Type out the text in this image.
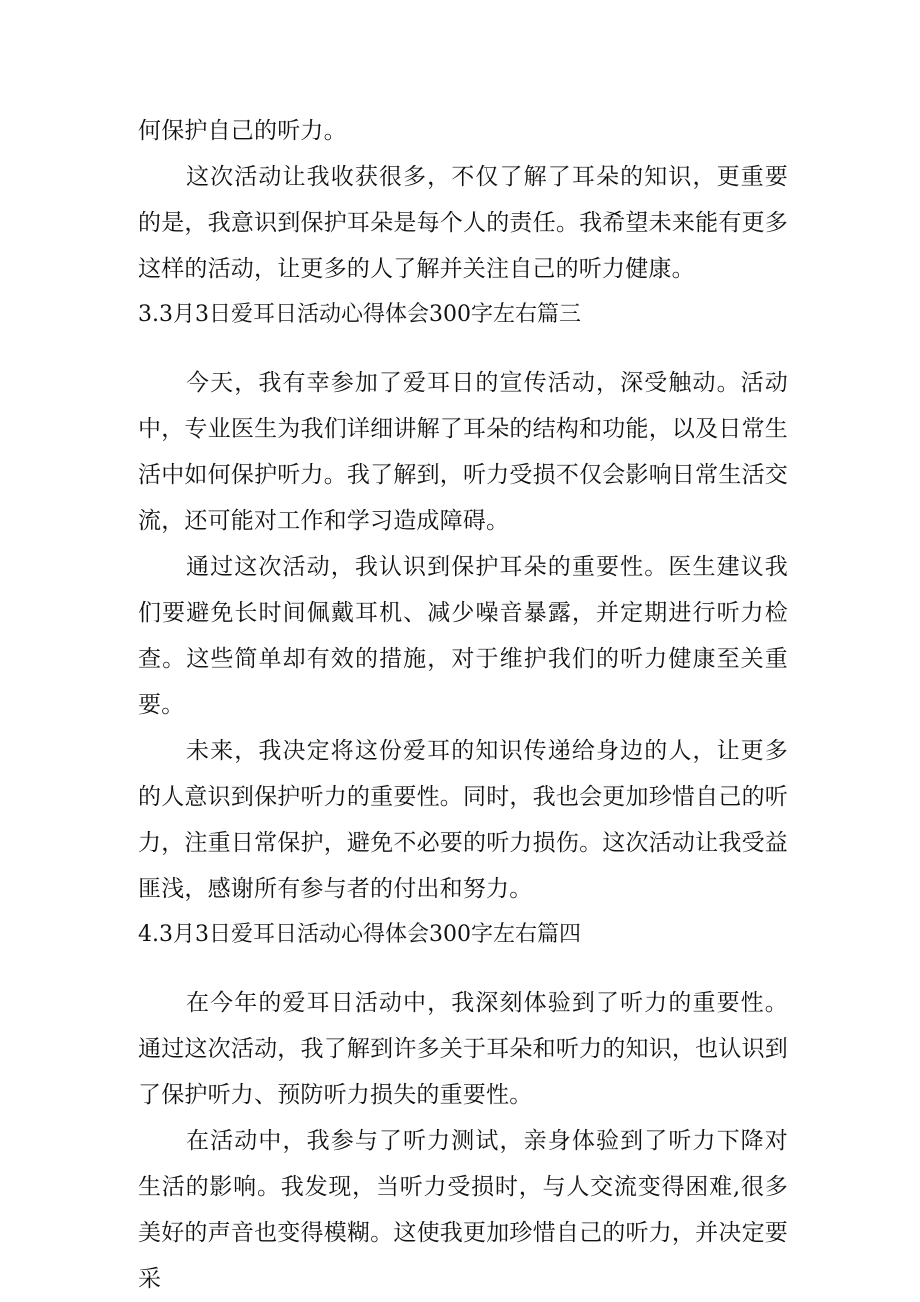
何保护自己的听力。

这次活动让我收获很多，不仅了解了耳朵的知识，更重要的是，我意识到保护耳朵是每个人的责任。我希望未来能有更多这样的活动，让更多的人了解并关注自己的听力健康。

3.3月3日爱耳日活动心得体会300字左右篇三

今天，我有幸参加了爱耳日的宣传活动，深受触动。活动中，专业医生为我们详细讲解了耳朵的结构和功能，以及日常生活中如何保护听力。我了解到，听力受损不仅会影响日常生活交流，还可能对工作和学习造成障碍。

通过这次活动，我认识到保护耳朵的重要性。医生建议我们要避免长时间佩戴耳机、减少噪音暴露，并定期进行听力检查。这些简单却有效的措施，对于维护我们的听力健康至关重要。

未来，我决定将这份爱耳的知识传递给身边的人，让更多的人意识到保护听力的重要性。同时，我也会更加珍惜自己的听力，注重日常保护，避免不必要的听力损伤。这次活动让我受益匪浅，感谢所有参与者的付出和努力。

4.3月3日爱耳日活动心得体会300字左右篇四

在今年的爱耳日活动中，我深刻体验到了听力的重要性。通过这次活动，我了解到许多关于耳朵和听力的知识，也认识到了保护听力、预防听力损失的重要性。

在活动中，我参与了听力测试，亲身体验到了听力下降对生活的影响。我发现，当听力受损时，与人交流变得困难,很多美好的声音也变得模糊。这使我更加珍惜自己的听力，并决定要采
